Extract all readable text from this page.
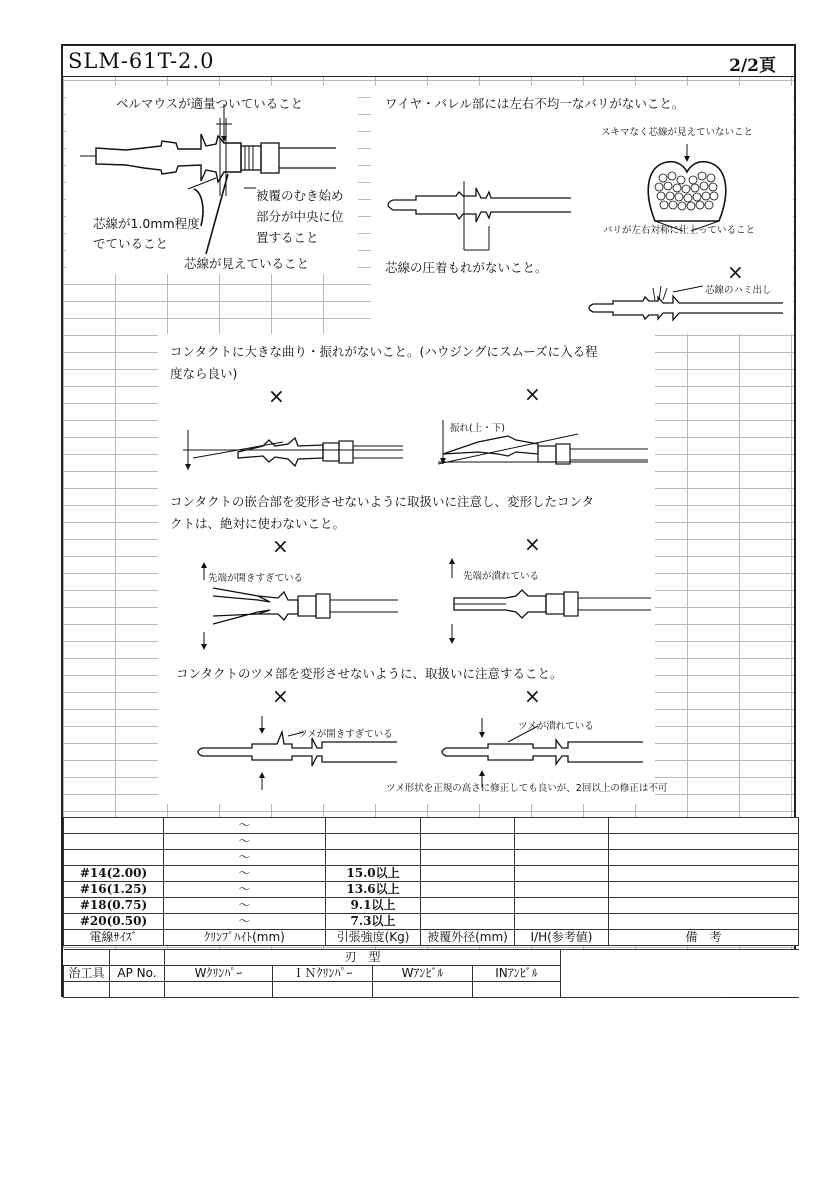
SLM-61T-2.0	2/2頁
ベルマウスが適量ついていること
芯線が1.0mm程度
でていること
被覆のむき始め
部分が中央に位
置すること
芯線が見えていること
ワイヤ・バレル部には左右不均一なバリがないこと。
スキマなく芯線が見えていないこと
バリが左右対称に仕上っていること
芯線の圧着もれがないこと。	×
芯線のハミ出し
コンタクトに大きな曲り・振れがないこと。(ハウジングにスムーズに入る程
度なら良い)
×	×
振れ(上・下)
コンタクトの嵌合部を変形させないように取扱いに注意し、変形したコンタ
クトは、絶対に使わないこと。
×	×
先端が開きすぎている	先端が潰れている
コンタクトのツメ部を変形させないように、取扱いに注意すること。
×	×
ツメが開きすぎている
ツメが潰れている
ツメ形状を正規の高さに修正しても良いが、2回以上の修正は不可
	～				
	～				
	～				
#14(2.00)	～	15.0以上			
#16(1.25)	～	13.6以上			
#18(0.75)	～	9.1以上			
#20(0.50)	～	7.3以上			
電線ｻｲｽﾞ	ｸﾘﾝﾌﾟﾊｲﾄ(mm)	引張強度(Kg)	被覆外径(mm)	I/H(参考値)	備　考
		刃　型				
治工具	AP No.	Wｸﾘﾝﾊﾟｰ	ＩＮｸﾘﾝﾊﾟｰ	Wｱﾝﾋﾞﾙ	INｱﾝﾋﾞﾙ	
